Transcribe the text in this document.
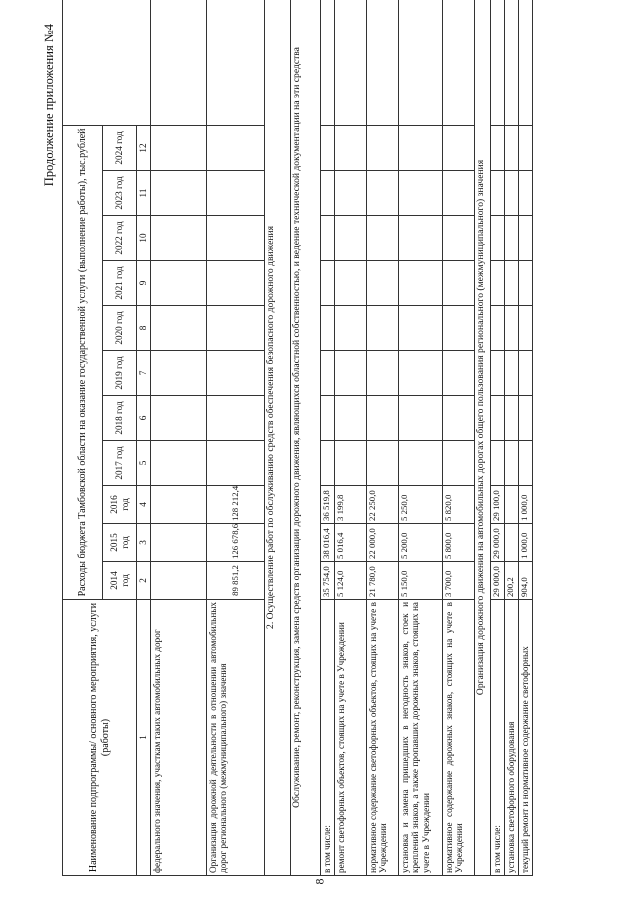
8
Продолжение приложения №4
Наименование подпрограммы/ основного мероприятия, услуги (работы)	Расходы бюджета Тамбовской области на оказание государственной услуги (выполнение работы), тыс.рублей											
	2014 год	2015 год	2016 год	2017 год	2018 год	2019 год	2020 год	2021 год	2022 год	2023 год	2024 год	
1	2	3	4	5	6	7	8	9	10	11	12	
федерального значения, участкам таких автомобильных дорог												
Организация дорожной деятельности в отношении автомобильных дорог регионального (межмуниципального) значения	89 851,2	126 678,6	128 212,4									
2. Осуществление работ по обслуживанию средств обеспечения безопасного дорожного движения												
Обслуживание, ремонт, реконструкция, замена средств организации дорожного движения, являющихся областной собственностью, и ведение технической документации на эти средства												
в том числе:	35 754,0	38 016,4	36 519,8									
ремонт светофорных объектов, стоящих на учете в Учреждении	5 124,0	5 016,4	3 199,8									
нормативное содержание светофорных объектов, стоящих на учете в Учреждении	21 780,0	22 000,0	22 250,0									
установка и замена пришедших в негодность знаков, стоек и креплений знаков, а также пропавших дорожных знаков, стоящих на учете в Учреждении	5 150,0	5 200,0	5 250,0									
нормативное содержание дорожных знаков, стоящих на учете в Учреждении	3 700,0	5 800,0	5 820,0									
Организация дорожного движения на автомобильных дорогах общего пользования регионального (межмуниципального) значения												
в том числе:	29 000,0	29 000,0	29 100,0									
установка светофорного оборудования	200,2											
текущий ремонт и нормативное содержание светофорных	904,0	1 000,0	1 000,0									
